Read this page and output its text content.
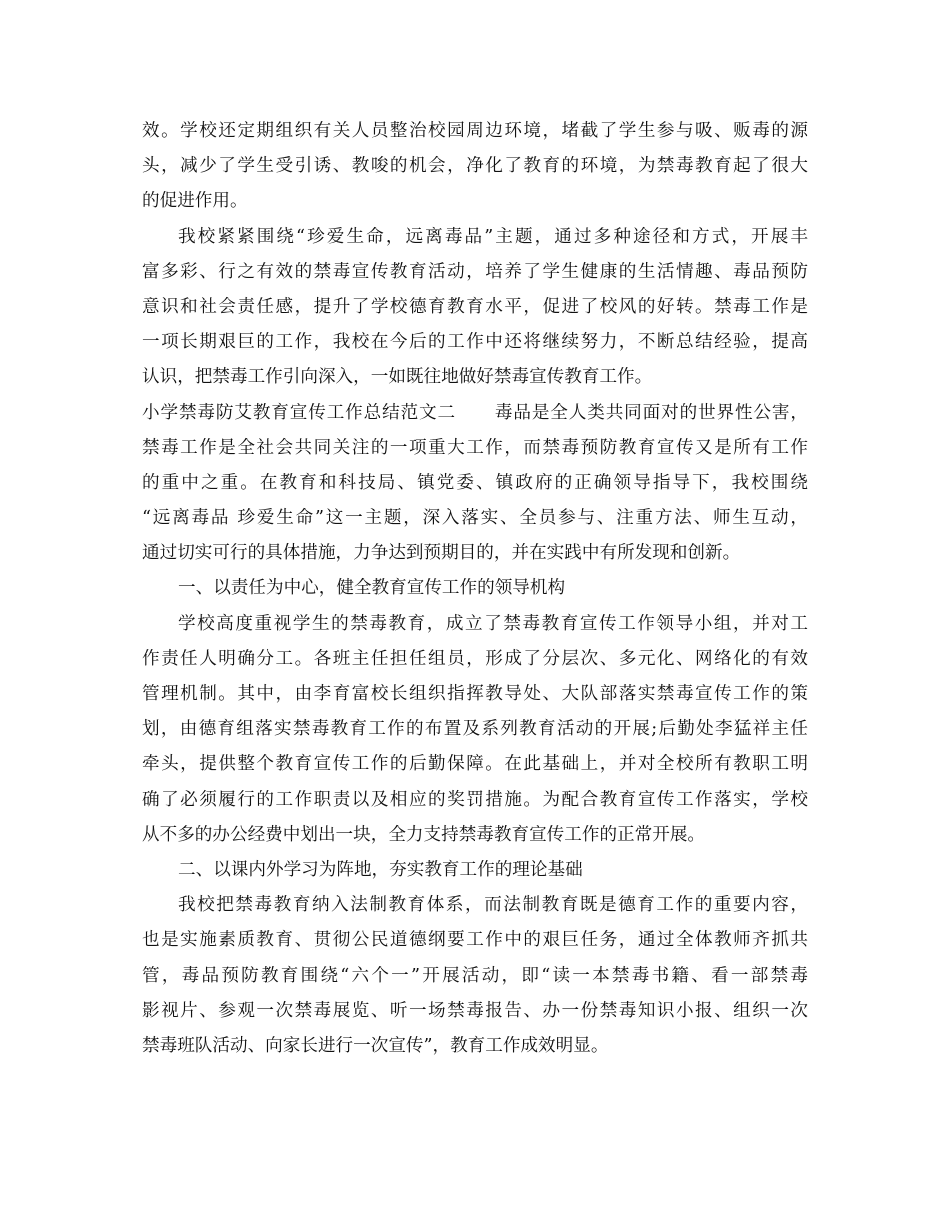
效。学校还定期组织有关人员整治校园周边环境，堵截了学生参与吸、贩毒的源
头，减少了学生受引诱、教唆的机会，净化了教育的环境，为禁毒教育起了很大
的促进作用。
我校紧紧围绕“珍爱生命，远离毒品”主题，通过多种途径和方式，开展丰
富多彩、行之有效的禁毒宣传教育活动，培养了学生健康的生活情趣、毒品预防
意识和社会责任感，提升了学校德育教育水平，促进了校风的好转。禁毒工作是
一项长期艰巨的工作，我校在今后的工作中还将继续努力，不断总结经验，提高
认识，把禁毒工作引向深入，一如既往地做好禁毒宣传教育工作。
小学禁毒防艾教育宣传工作总结范文二 毒品是全人类共同面对的世界性公害，
禁毒工作是全社会共同关注的一项重大工作，而禁毒预防教育宣传又是所有工作
的重中之重。在教育和科技局、镇党委、镇政府的正确领导指导下，我校围绕
“远离毒品 珍爱生命”这一主题，深入落实、全员参与、注重方法、师生互动，
通过切实可行的具体措施，力争达到预期目的，并在实践中有所发现和创新。
一、以责任为中心，健全教育宣传工作的领导机构
学校高度重视学生的禁毒教育，成立了禁毒教育宣传工作领导小组，并对工
作责任人明确分工。各班主任担任组员，形成了分层次、多元化、网络化的有效
管理机制。其中，由李育富校长组织指挥教导处、大队部落实禁毒宣传工作的策
划，由德育组落实禁毒教育工作的布置及系列教育活动的开展;后勤处李猛祥主任
牵头，提供整个教育宣传工作的后勤保障。在此基础上，并对全校所有教职工明
确了必须履行的工作职责以及相应的奖罚措施。为配合教育宣传工作落实，学校
从不多的办公经费中划出一块，全力支持禁毒教育宣传工作的正常开展。
二、以课内外学习为阵地，夯实教育工作的理论基础
我校把禁毒教育纳入法制教育体系，而法制教育既是德育工作的重要内容，
也是实施素质教育、贯彻公民道德纲要工作中的艰巨任务，通过全体教师齐抓共
管，毒品预防教育围绕“六个一”开展活动，即“读一本禁毒书籍、看一部禁毒
影视片、参观一次禁毒展览、听一场禁毒报告、办一份禁毒知识小报、组织一次
禁毒班队活动、向家长进行一次宣传”，教育工作成效明显。
